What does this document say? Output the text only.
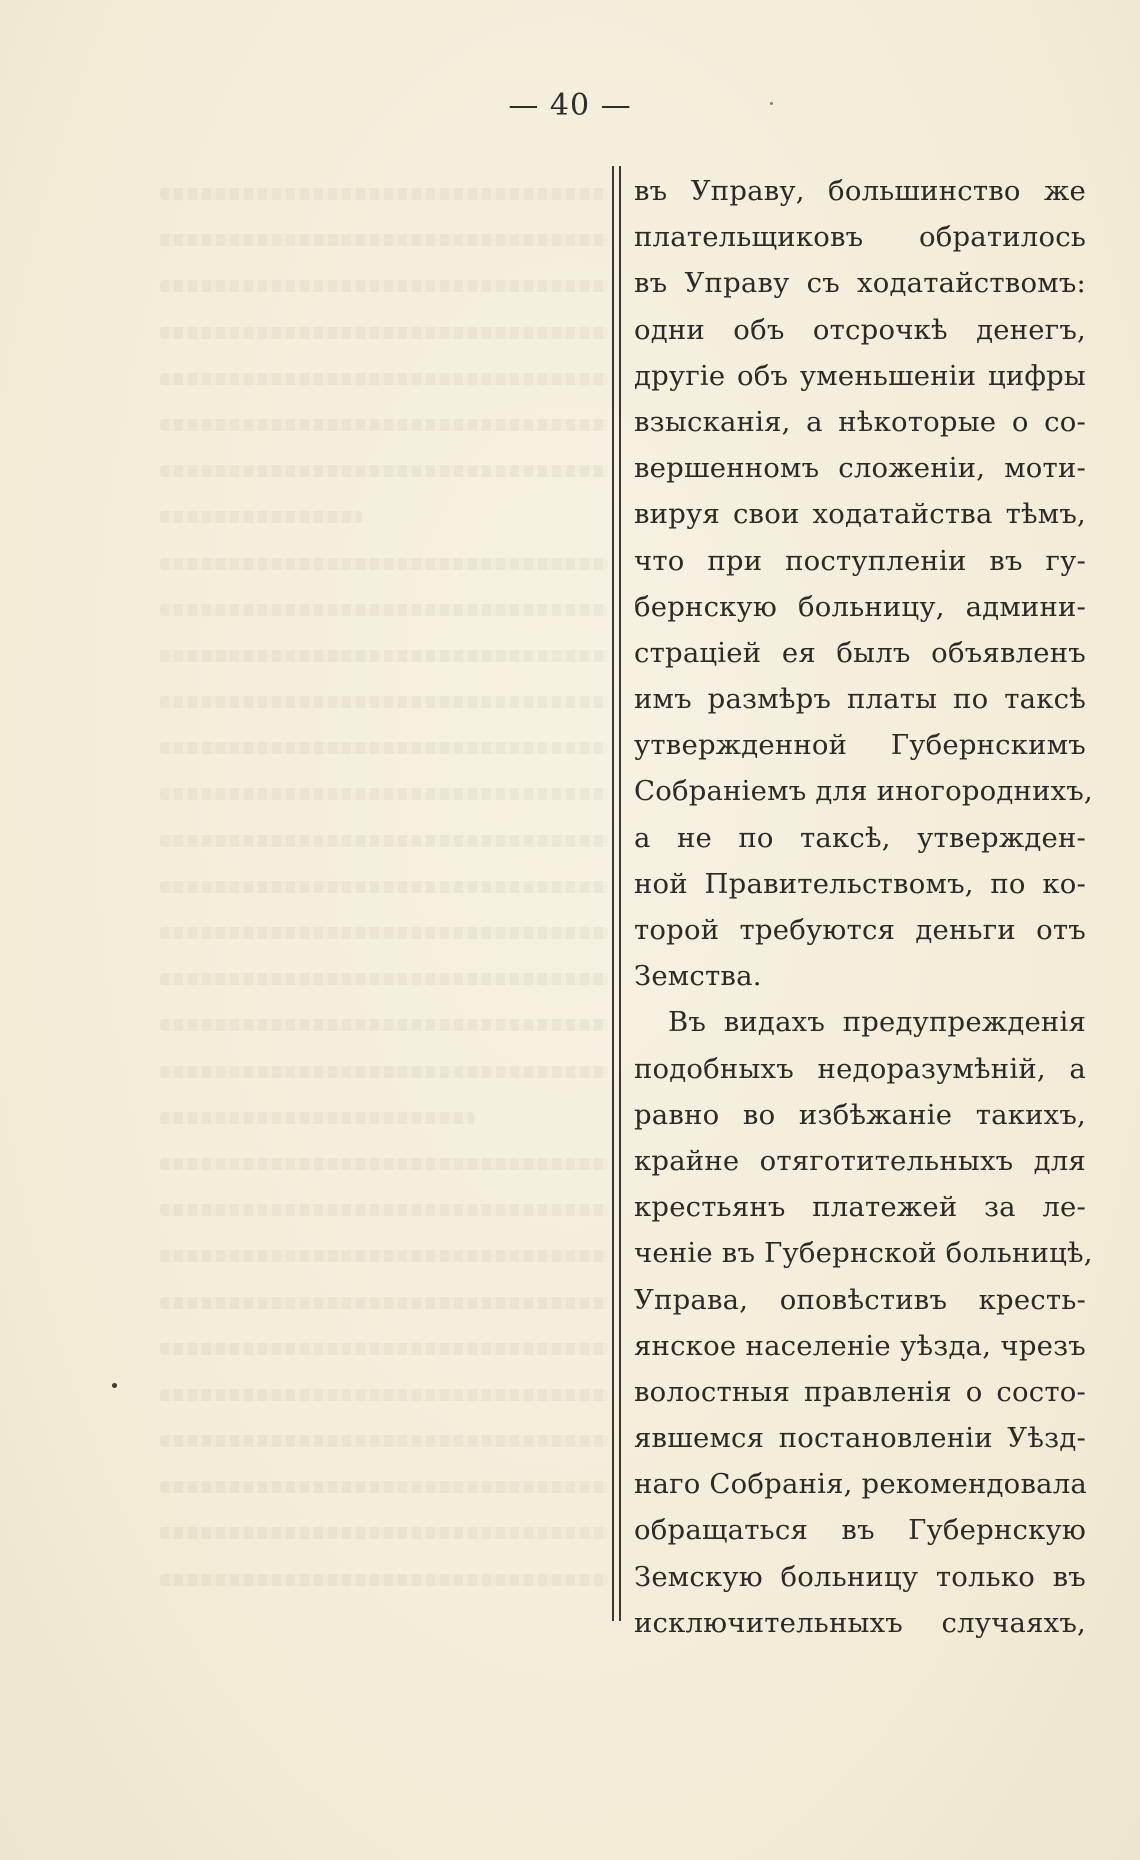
— 40 —
въ Управу, большинство же
плательщиковъ обратилось
въ Управу съ ходатайствомъ:
одни объ отсрочкѣ денегъ,
другіе объ уменьшеніи цифры
взысканія, а нѣкоторые о со-
вершенномъ сложеніи, моти-
вируя свои ходатайства тѣмъ,
что при поступленіи въ гу-
бернскую больницу, админи-
страціей ея былъ объявленъ
имъ размѣръ платы по таксѣ
утвержденной Губернскимъ
Собраніемъ для иногороднихъ,
а не по таксѣ, утвержден-
ной Правительствомъ, по ко-
торой требуются деньги отъ
Земства.
Въ видахъ предупрежденія
подобныхъ недоразумѣній, а
равно во избѣжаніе такихъ,
крайне отяготительныхъ для
крестьянъ платежей за ле-
ченіе въ Губернской больницѣ,
Управа, оповѣстивъ кресть-
янское населеніе уѣзда, чрезъ
волостныя правленія о состо-
явшемся постановленіи Уѣзд-
наго Собранія, рекомендовала
обращаться въ Губернскую
Земскую больницу только въ
исключительныхъ случаяхъ,
